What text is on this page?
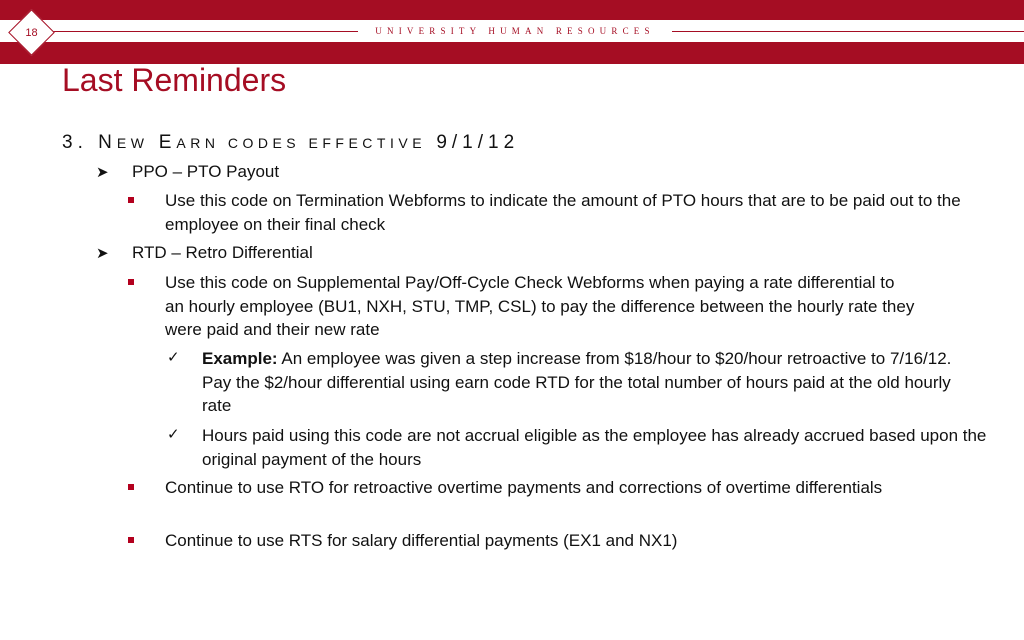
UNIVERSITY HUMAN RESOURCES
18
Last Reminders
3. NEW EARN CODES EFFECTIVE 9/1/12
➤ PPO – PTO Payout
Use this code on Termination Webforms to indicate the amount of PTO hours that are to be paid out to the employee on their final check
➤ RTD – Retro Differential
Use this code on Supplemental Pay/Off-Cycle Check Webforms when paying a rate differential to an hourly employee (BU1, NXH, STU, TMP, CSL) to pay the difference between the hourly rate they were paid and their new rate
✓ Example: An employee was given a step increase from $18/hour to $20/hour retroactive to 7/16/12. Pay the $2/hour differential using earn code RTD for the total number of hours paid at the old hourly rate
✓ Hours paid using this code are not accrual eligible as the employee has already accrued based upon the original payment of the hours
Continue to use RTO for retroactive overtime payments and corrections of overtime differentials
Continue to use RTS for salary differential payments (EX1 and NX1)
